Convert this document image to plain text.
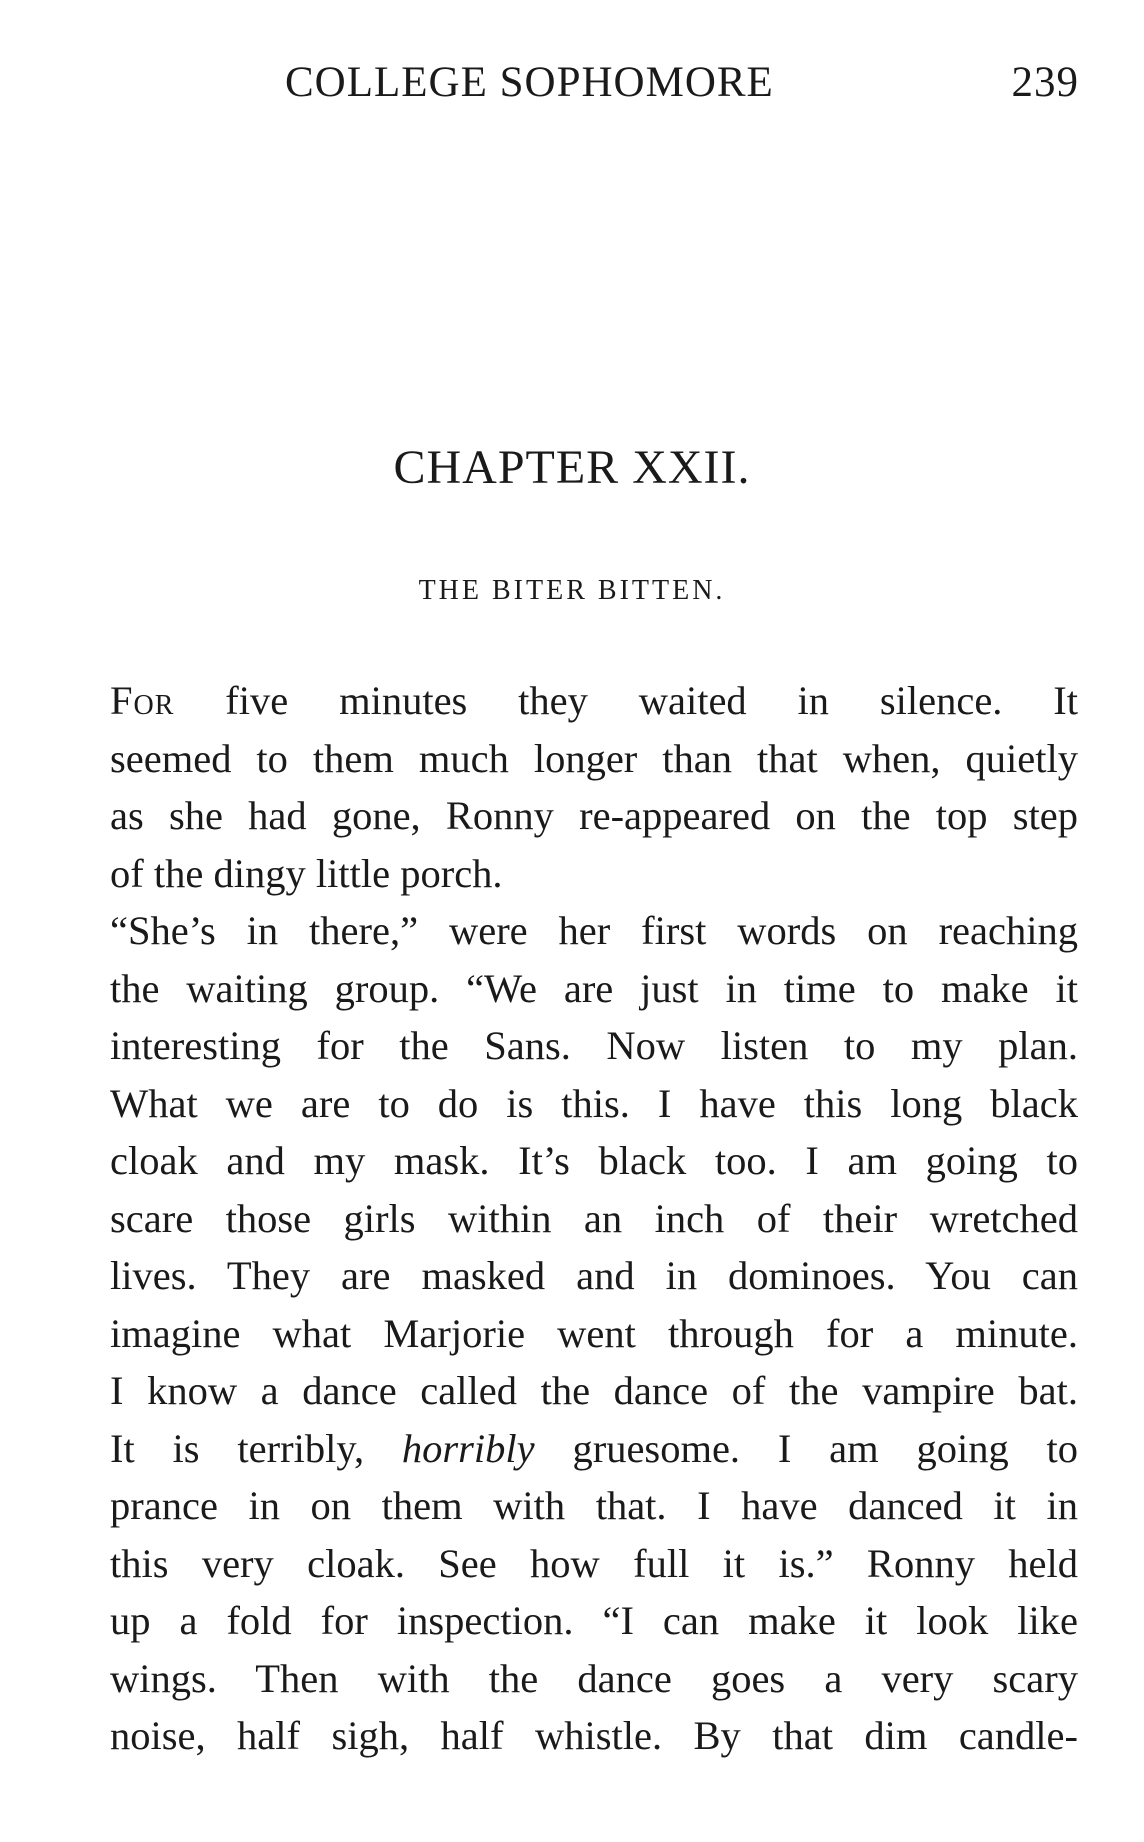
COLLEGE SOPHOMORE	239
CHAPTER XXII.
THE BITER BITTEN.

For five minutes they waited in silence. It
seemed to them much longer than that when, quietly
as she had gone, Ronny re-appeared on the top step
of the dingy little porch.

“She’s in there,” were her first words on reaching
the waiting group. “We are just in time to make it
interesting for the Sans. Now listen to my plan.
What we are to do is this. I have this long black
cloak and my mask. It’s black too. I am going to
scare those girls within an inch of their wretched
lives. They are masked and in dominoes. You can
imagine what Marjorie went through for a minute.
I know a dance called the dance of the vampire bat.
It is terribly, horribly gruesome. I am going to
prance in on them with that. I have danced it in
this very cloak. See how full it is.” Ronny held
up a fold for inspection. “I can make it look like
wings. Then with the dance goes a very scary
noise, half sigh, half whistle. By that dim candle-
